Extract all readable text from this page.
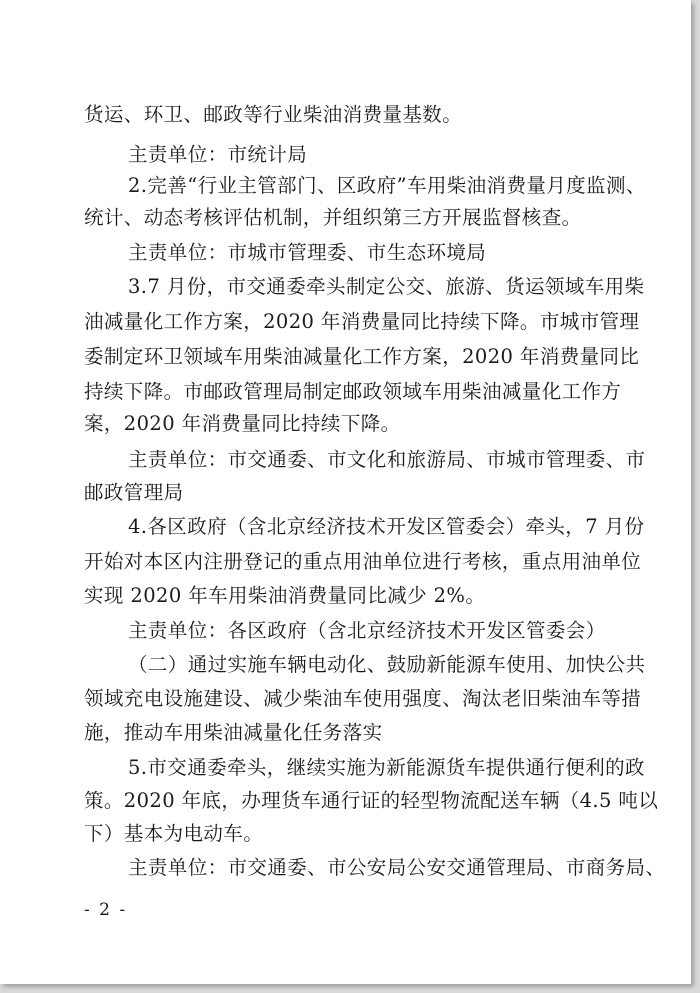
货运、环卫、邮政等行业柴油消费量基数。
主责单位：市统计局
2.完善“行业主管部门、区政府”车用柴油消费量月度监测、
统计、动态考核评估机制，并组织第三方开展监督核查。
主责单位：市城市管理委、市生态环境局
3.7 月份，市交通委牵头制定公交、旅游、货运领域车用柴
油减量化工作方案，2020 年消费量同比持续下降。市城市管理
委制定环卫领域车用柴油减量化工作方案，2020 年消费量同比
持续下降。市邮政管理局制定邮政领域车用柴油减量化工作方
案，2020 年消费量同比持续下降。
主责单位：市交通委、市文化和旅游局、市城市管理委、市
邮政管理局
4.各区政府（含北京经济技术开发区管委会）牵头，7 月份
开始对本区内注册登记的重点用油单位进行考核，重点用油单位
实现 2020 年车用柴油消费量同比减少 2%。
主责单位：各区政府（含北京经济技术开发区管委会）
（二）通过实施车辆电动化、鼓励新能源车使用、加快公共
领域充电设施建设、减少柴油车使用强度、淘汰老旧柴油车等措
施，推动车用柴油减量化任务落实
5.市交通委牵头，继续实施为新能源货车提供通行便利的政
策。2020 年底，办理货车通行证的轻型物流配送车辆（4.5 吨以
下）基本为电动车。
主责单位：市交通委、市公安局公安交通管理局、市商务局、
- 2 -
